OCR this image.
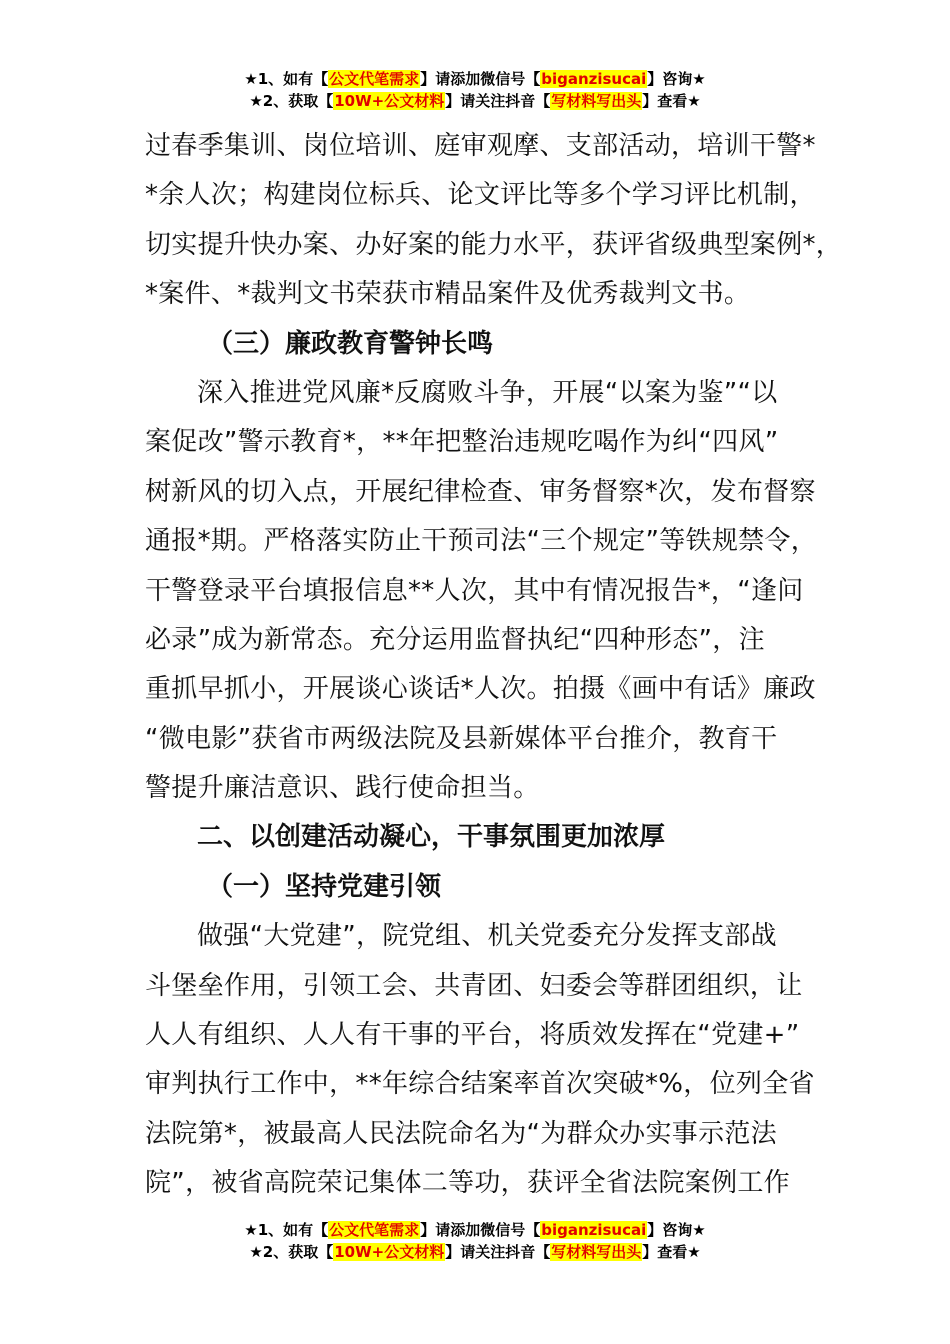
★1、如有【公文代笔需求】请添加微信号【biganzisucai】咨询★
★2、获取【10W+公文材料】请关注抖音【写材料写出头】查看★
过春季集训、岗位培训、庭审观摩、支部活动，培训干警*
*余人次；构建岗位标兵、论文评比等多个学习评比机制，
切实提升快办案、办好案的能力水平，获评省级典型案例*，
*案件、*裁判文书荣获市精品案件及优秀裁判文书。
（三）廉政教育警钟长鸣
深入推进党风廉*反腐败斗争，开展“以案为鉴”“以
案促改”警示教育*，**年把整治违规吃喝作为纠“四风”
树新风的切入点，开展纪律检查、审务督察*次，发布督察
通报*期。严格落实防止干预司法“三个规定”等铁规禁令，
干警登录平台填报信息**人次，其中有情况报告*，“逢问
必录”成为新常态。充分运用监督执纪“四种形态”，注
重抓早抓小，开展谈心谈话*人次。拍摄《画中有话》廉政
“微电影”获省市两级法院及县新媒体平台推介，教育干
警提升廉洁意识、践行使命担当。
二、以创建活动凝心，干事氛围更加浓厚
（一）坚持党建引领
做强“大党建”，院党组、机关党委充分发挥支部战
斗堡垒作用，引领工会、共青团、妇委会等群团组织，让
人人有组织、人人有干事的平台，将质效发挥在“党建+”
审判执行工作中，**年综合结案率首次突破*%，位列全省
法院第*，被最高人民法院命名为“为群众办实事示范法
院”，被省高院荣记集体二等功，获评全省法院案例工作
★1、如有【公文代笔需求】请添加微信号【biganzisucai】咨询★
★2、获取【10W+公文材料】请关注抖音【写材料写出头】查看★
